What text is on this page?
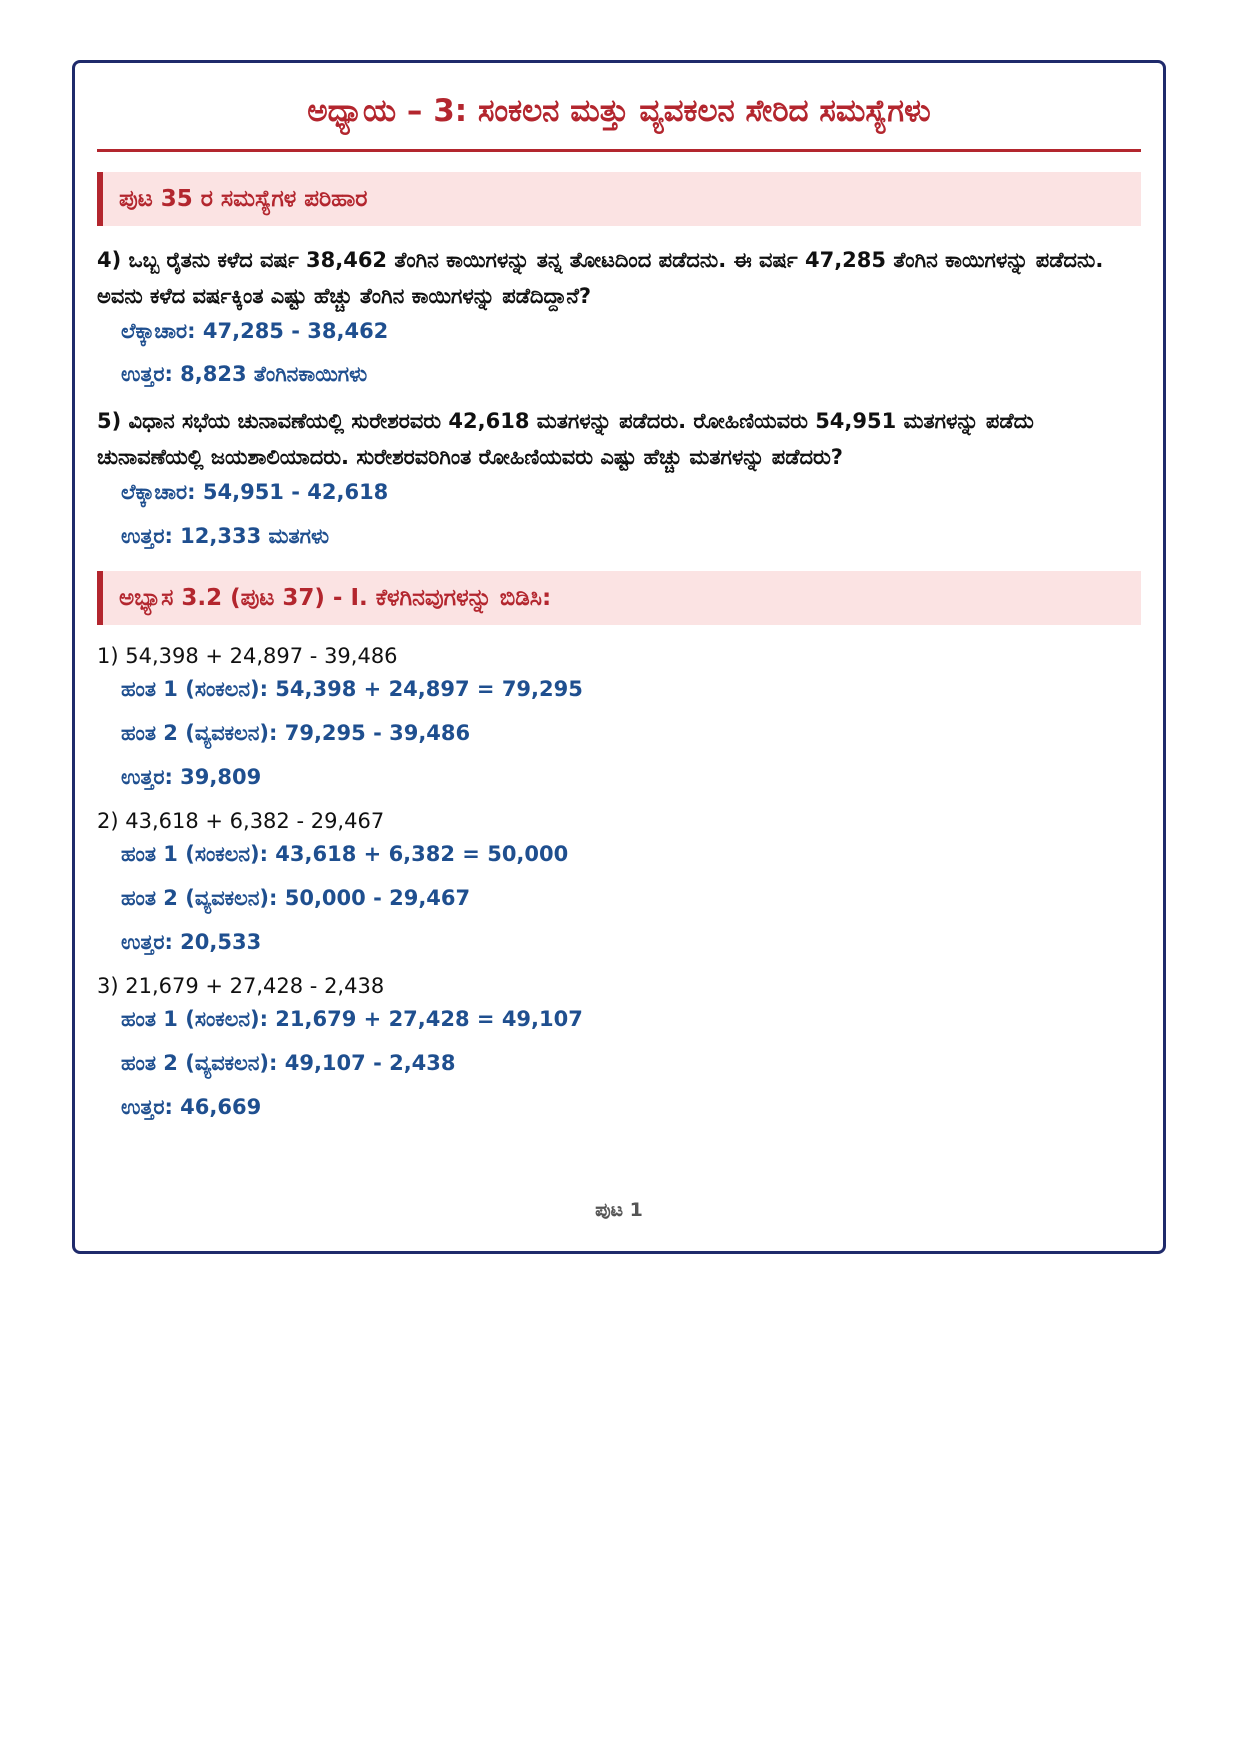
ಅಧ್ಯಾಯ – 3: ಸಂಕಲನ ಮತ್ತು ವ್ಯವಕಲನ ಸೇರಿದ ಸಮಸ್ಯೆಗಳು
ಪುಟ 35 ರ ಸಮಸ್ಯೆಗಳ ಪರಿಹಾರ

4) ಒಬ್ಬ ರೈತನು ಕಳೆದ ವರ್ಷ 38,462 ತೆಂಗಿನ ಕಾಯಿಗಳನ್ನು ತನ್ನ ತೋಟದಿಂದ ಪಡೆದನು. ಈ ವರ್ಷ 47,285 ತೆಂಗಿನ ಕಾಯಿಗಳನ್ನು ಪಡೆದನು. ಅವನು ಕಳೆದ ವರ್ಷಕ್ಕಿಂತ ಎಷ್ಟು ಹೆಚ್ಚು ತೆಂಗಿನ ಕಾಯಿಗಳನ್ನು ಪಡೆದಿದ್ದಾನೆ?

ಲೆಕ್ಕಾಚಾರ: 47,285 - 38,462
ಉತ್ತರ: 8,823 ತೆಂಗಿನಕಾಯಿಗಳು

5) ವಿಧಾನ ಸಭೆಯ ಚುನಾವಣೆಯಲ್ಲಿ ಸುರೇಶರವರು 42,618 ಮತಗಳನ್ನು ಪಡೆದರು. ರೋಹಿಣಿಯವರು 54,951 ಮತಗಳನ್ನು ಪಡೆದು ಚುನಾವಣೆಯಲ್ಲಿ ಜಯಶಾಲಿಯಾದರು. ಸುರೇಶರವರಿಗಿಂತ ರೋಹಿಣಿಯವರು ಎಷ್ಟು ಹೆಚ್ಚು ಮತಗಳನ್ನು ಪಡೆದರು?

ಲೆಕ್ಕಾಚಾರ: 54,951 - 42,618
ಉತ್ತರ: 12,333 ಮತಗಳು
ಅಭ್ಯಾಸ 3.2 (ಪುಟ 37) - I. ಕೆಳಗಿನವುಗಳನ್ನು ಬಿಡಿಸಿ:
1) 54,398 + 24,897 - 39,486
ಹಂತ 1 (ಸಂಕಲನ): 54,398 + 24,897 = 79,295
ಹಂತ 2 (ವ್ಯವಕಲನ): 79,295 - 39,486
ಉತ್ತರ: 39,809
2) 43,618 + 6,382 - 29,467
ಹಂತ 1 (ಸಂಕಲನ): 43,618 + 6,382 = 50,000
ಹಂತ 2 (ವ್ಯವಕಲನ): 50,000 - 29,467
ಉತ್ತರ: 20,533
3) 21,679 + 27,428 - 2,438
ಹಂತ 1 (ಸಂಕಲನ): 21,679 + 27,428 = 49,107
ಹಂತ 2 (ವ್ಯವಕಲನ): 49,107 - 2,438
ಉತ್ತರ: 46,669
ಪುಟ 1
